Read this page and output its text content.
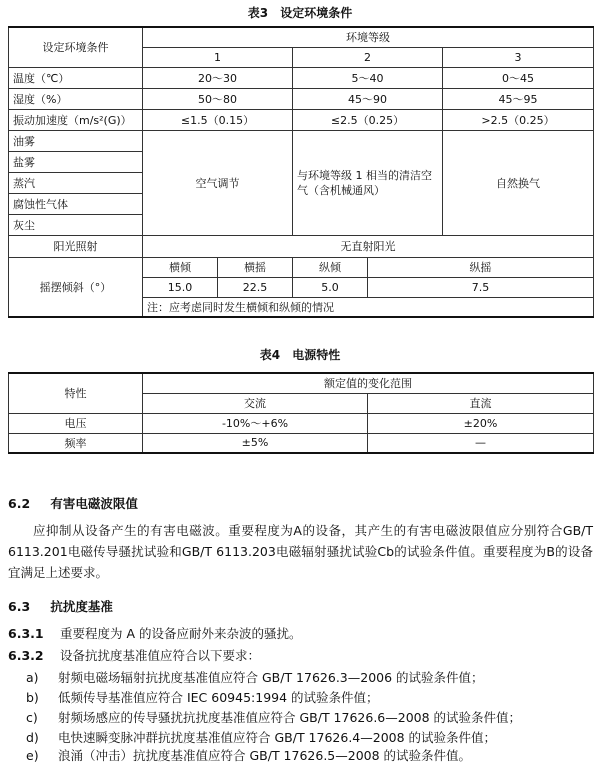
表3 设定环境条件
设定环境条件	环境等级				
	1		2		3
温度（℃）	20～30		5～40		0～45
湿度（%）	50～80		45～90		45～95
振动加速度（m/s²(G)）	≤1.5（0.15）		≤2.5（0.25）		>2.5（0.25）
油雾	空气调节		与环境等级 1 相当的清洁空气（含机械通风）		自然换气
盐雾					
蒸汽					
腐蚀性气体					
灰尘					
阳光照射	无直射阳光				
摇摆倾斜（°）	横倾	横摇	纵倾	纵摇	
	15.0	22.5	5.0	7.5	
	注：应考虑同时发生横倾和纵倾的情况				
表4 电源特性
特性	额定值的变化范围	
	交流	直流
电压	-10%～+6%	±20%
频率	±5%	—
6.2 有害电磁波限值
应抑制从设备产生的有害电磁波。重要程度为A的设备，其产生的有害电磁波限值应分别符合GB/T 6113.201电磁传导骚扰试验和GB/T 6113.203电磁辐射骚扰试验Cb的试验条件值。重要程度为B的设备宜满足上述要求。
6.3 抗扰度基准
6.3.1 重要程度为 A 的设备应耐外来杂波的骚扰。
6.3.2 设备抗扰度基准值应符合以下要求：
a) 射频电磁场辐射抗扰度基准值应符合 GB/T 17626.3—2006 的试验条件值；
b) 低频传导基准值应符合 IEC 60945:1994 的试验条件值；
c) 射频场感应的传导骚扰抗扰度基准值应符合 GB/T 17626.6—2008 的试验条件值；
d) 电快速瞬变脉冲群抗扰度基准值应符合 GB/T 17626.4—2008 的试验条件值；
e) 浪涌（冲击）抗扰度基准值应符合 GB/T 17626.5—2008 的试验条件值。
